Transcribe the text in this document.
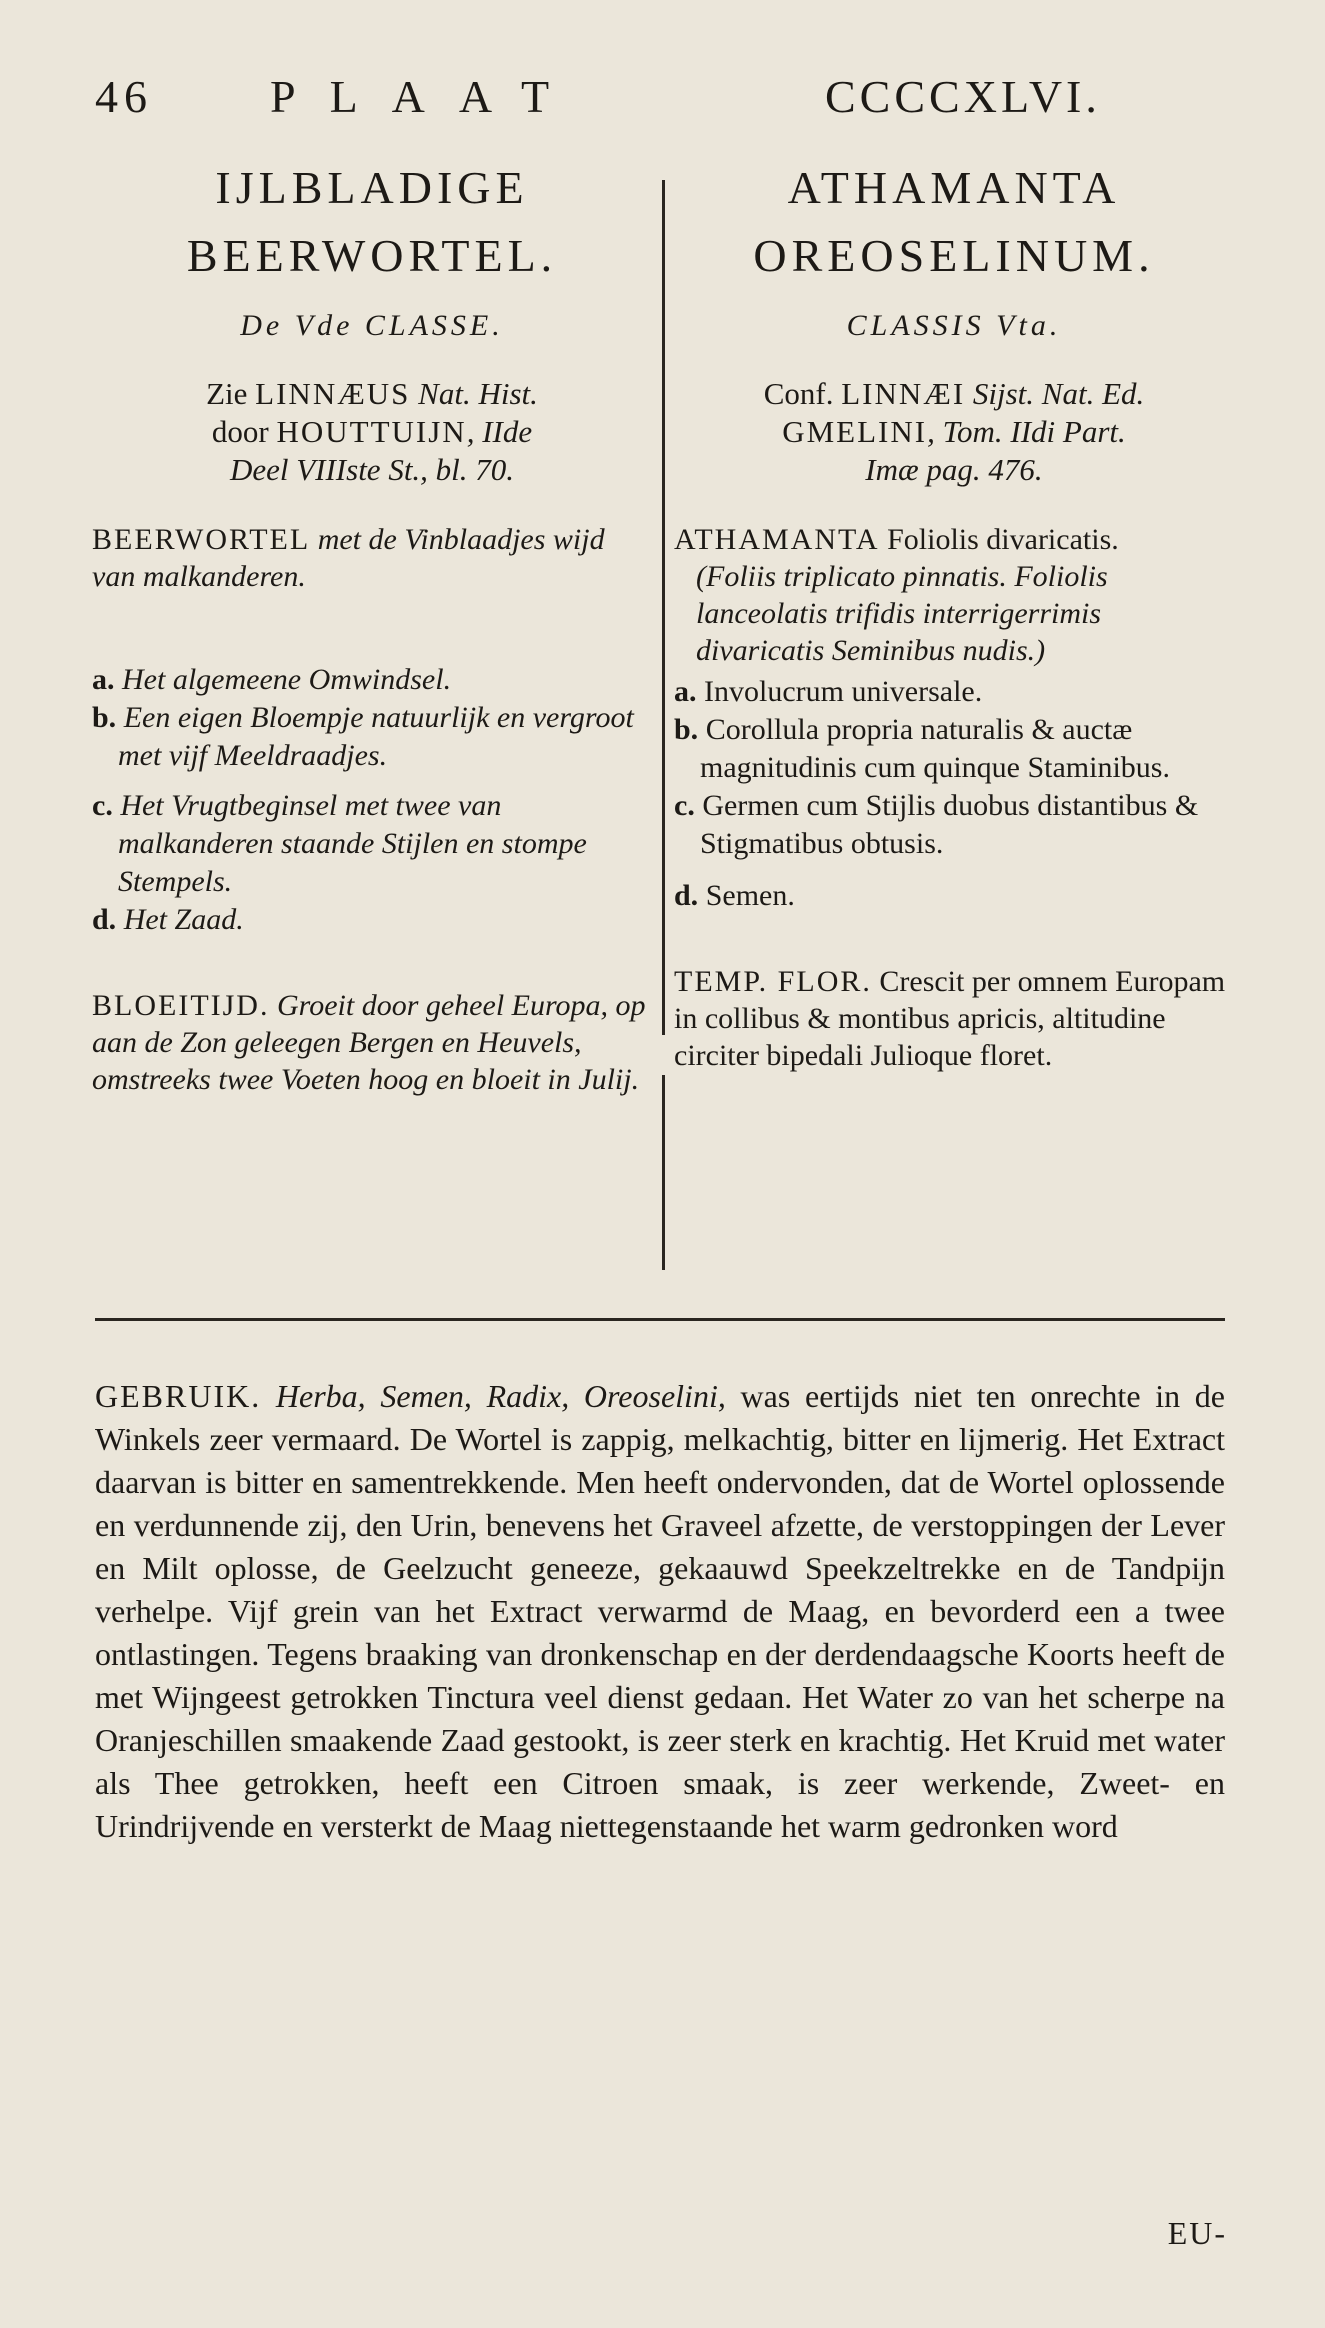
46	PLAAT	CCCCXLVI.
IJLBLADIGE
BEERWORTEL.
De Vde CLASSE.
Zie LINNÆUS Nat. Hist.
door HOUTTUIJN, IIde
Deel VIIIste St., bl. 70.
BEERWORTEL met de Vinblaadjes wijd van malkanderen.
a. Het algemeene Omwindsel.
b. Een eigen Bloempje natuurlijk en vergroot met vijf Meeldraadjes.
c. Het Vrugtbeginsel met twee van malkanderen staande Stijlen en stompe Stempels.
d. Het Zaad.
BLOEITIJD. Groeit door geheel Europa, op aan de Zon geleegen Bergen en Heuvels, omstreeks twee Voeten hoog en bloeit in Julij.
ATHAMANTA
OREOSELINUM.
CLASSIS Vta.
Conf. LINNÆI Sijst. Nat. Ed.
GMELINI, Tom. IIdi Part.
Imæ pag. 476.
ATHAMANTA Foliolis divaricatis.
(Foliis triplicato pinnatis. Foliolis lanceolatis trifidis interrigerrimis divaricatis Seminibus nudis.)
a. Involucrum universale.
b. Corollula propria naturalis & auctæ magnitudinis cum quinque Staminibus.
c. Germen cum Stijlis duobus distantibus & Stigmatibus obtusis.
d. Semen.
TEMP. FLOR. Crescit per omnem Europam in collibus & montibus apricis, altitudine circiter bipedali Julioque floret.
GEBRUIK. Herba, Semen, Radix, Oreoselini, was eertijds niet ten onrechte in de Winkels zeer vermaard. De Wortel is zappig, melkachtig, bitter en lijmerig. Het Extract daarvan is bitter en samentrekkende. Men heeft ondervonden, dat de Wortel oplossende en verdunnende zij, den Urin, benevens het Graveel afzette, de verstoppingen der Lever en Milt oplosse, de Geelzucht geneeze, gekaauwd Speekzeltrekke en de Tandpijn verhelpe. Vijf grein van het Extract verwarmd de Maag, en bevorderd een a twee ontlastingen. Tegens braaking van dronkenschap en der derdendaagsche Koorts heeft de met Wijngeest getrokken Tinctura veel dienst gedaan. Het Water zo van het scherpe na Oranjeschillen smaakende Zaad gestookt, is zeer sterk en krachtig. Het Kruid met water als Thee getrokken, heeft een Citroen smaak, is zeer werkende, Zweet- en Urindrijvende en versterkt de Maag niettegenstaande het warm gedronken word
EU-
